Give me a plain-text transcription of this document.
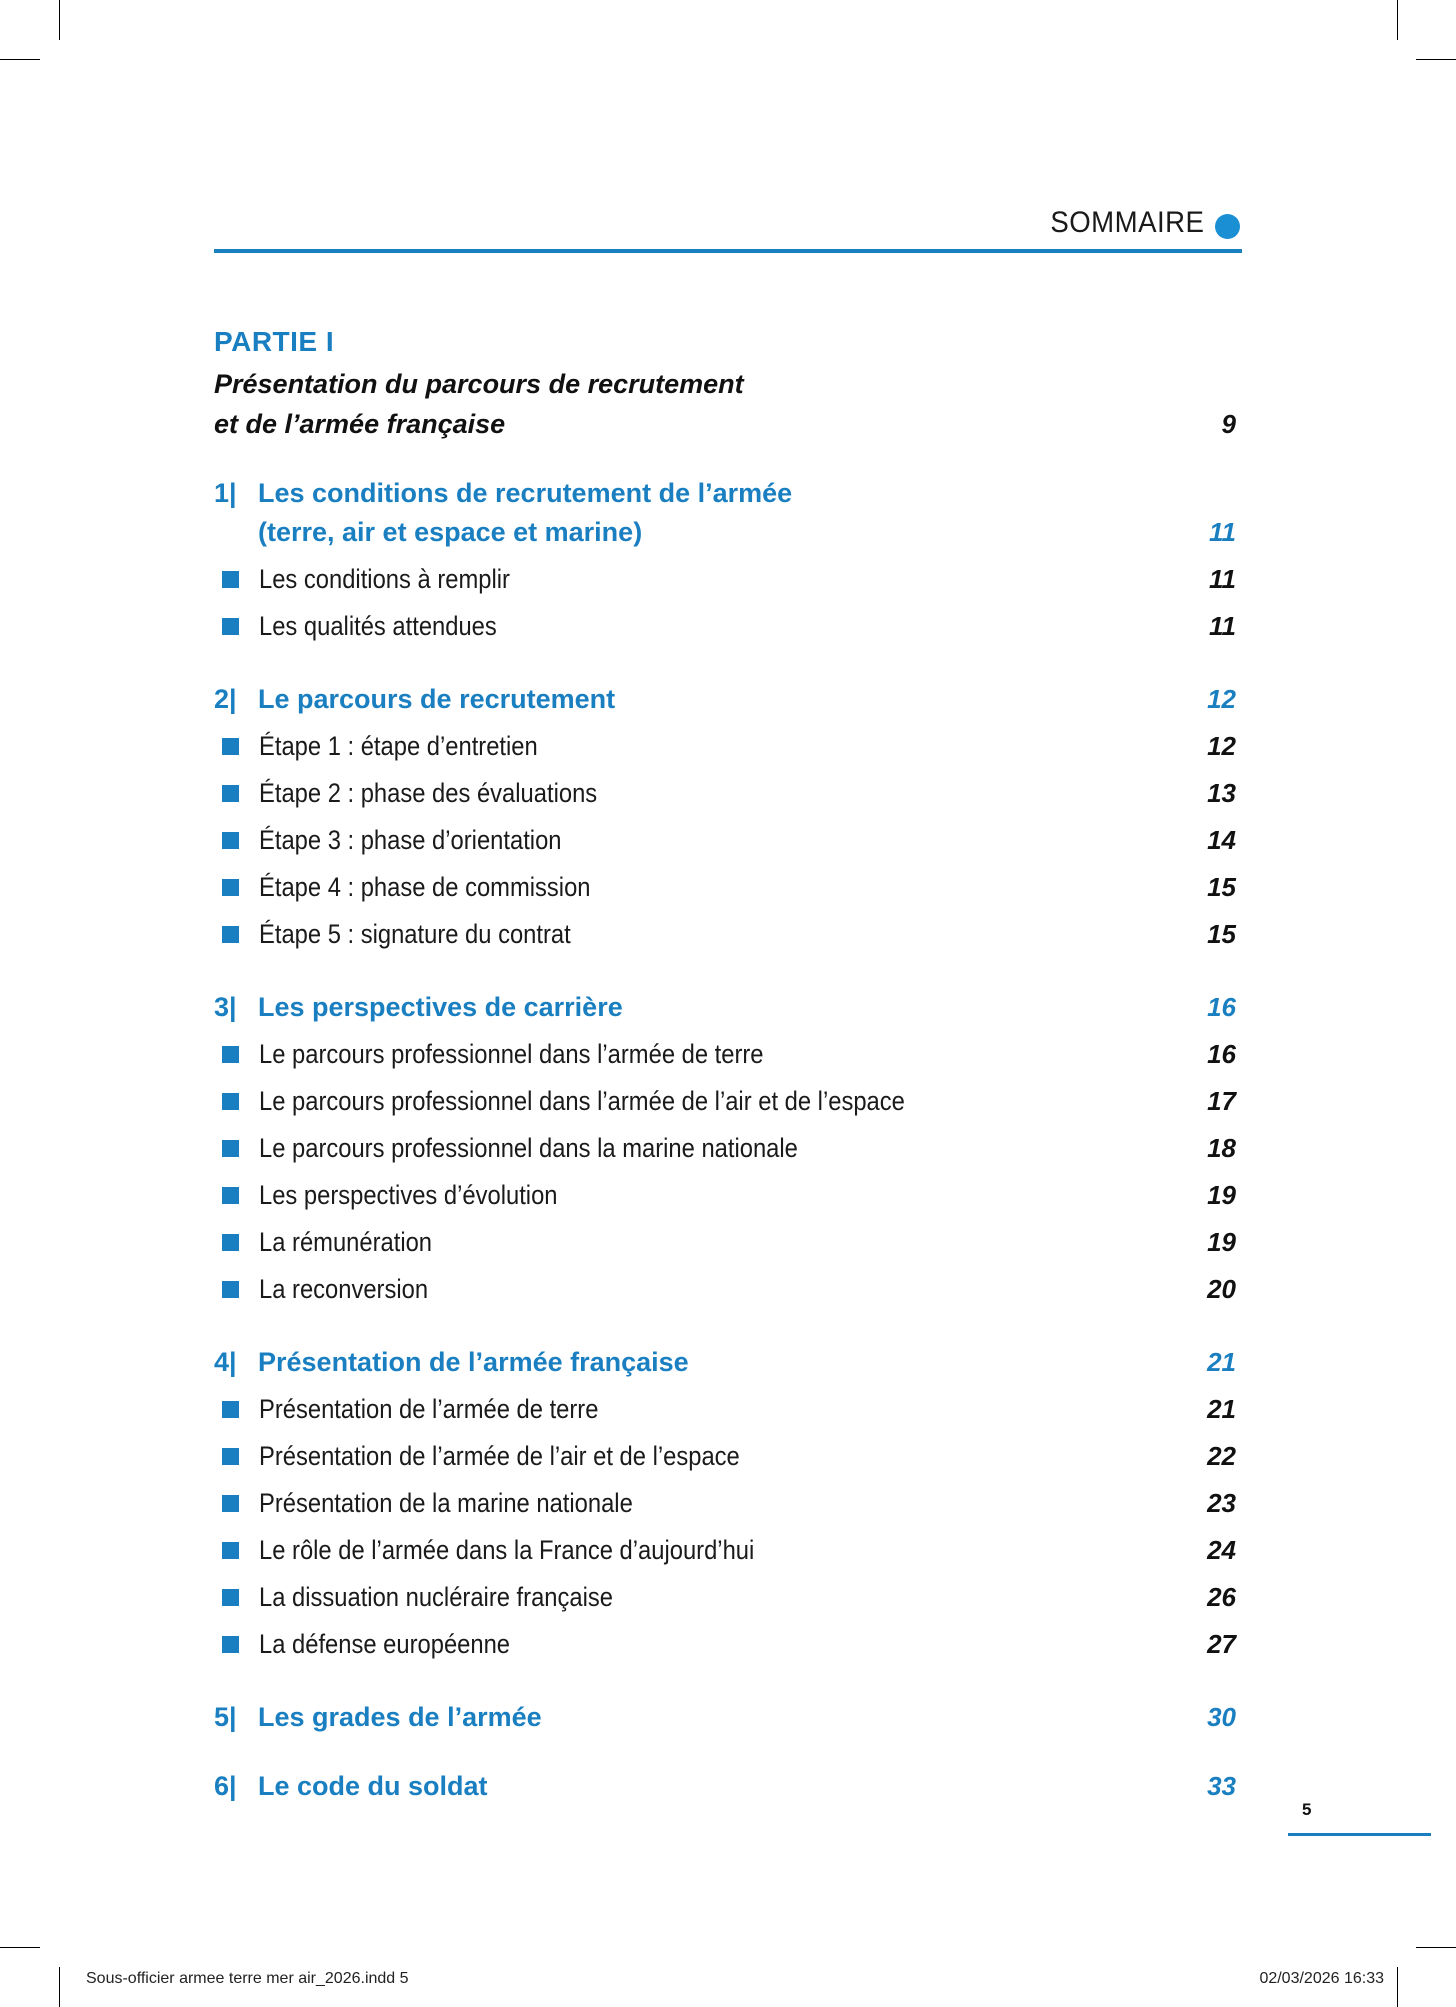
SOMMAIRE
PARTIE I
Présentation du parcours de recrutement
et de l’armée française	9
1| Les conditions de recrutement de l’armée
(terre, air et espace et marine)	11
Les conditions à remplir	11
Les qualités attendues	11
2| Le parcours de recrutement	12
Étape 1 : étape d’entretien	12
Étape 2 : phase des évaluations	13
Étape 3 : phase d’orientation	14
Étape 4 : phase de commission	15
Étape 5 : signature du contrat	15
3| Les perspectives de carrière	16
Le parcours professionnel dans l’armée de terre	16
Le parcours professionnel dans l’armée de l’air et de l’espace	17
Le parcours professionnel dans la marine nationale	18
Les perspectives d’évolution	19
La rémunération	19
La reconversion	20
4| Présentation de l’armée française	21
Présentation de l’armée de terre	21
Présentation de l’armée de l’air et de l’espace	22
Présentation de la marine nationale	23
Le rôle de l’armée dans la France d’aujourd’hui	24
La dissuation nucléraire française	26
La défense européenne	27
5| Les grades de l’armée	30
6| Le code du soldat	33
5
Sous-officier armee terre mer air_2026.indd 5	02/03/2026 16:33
